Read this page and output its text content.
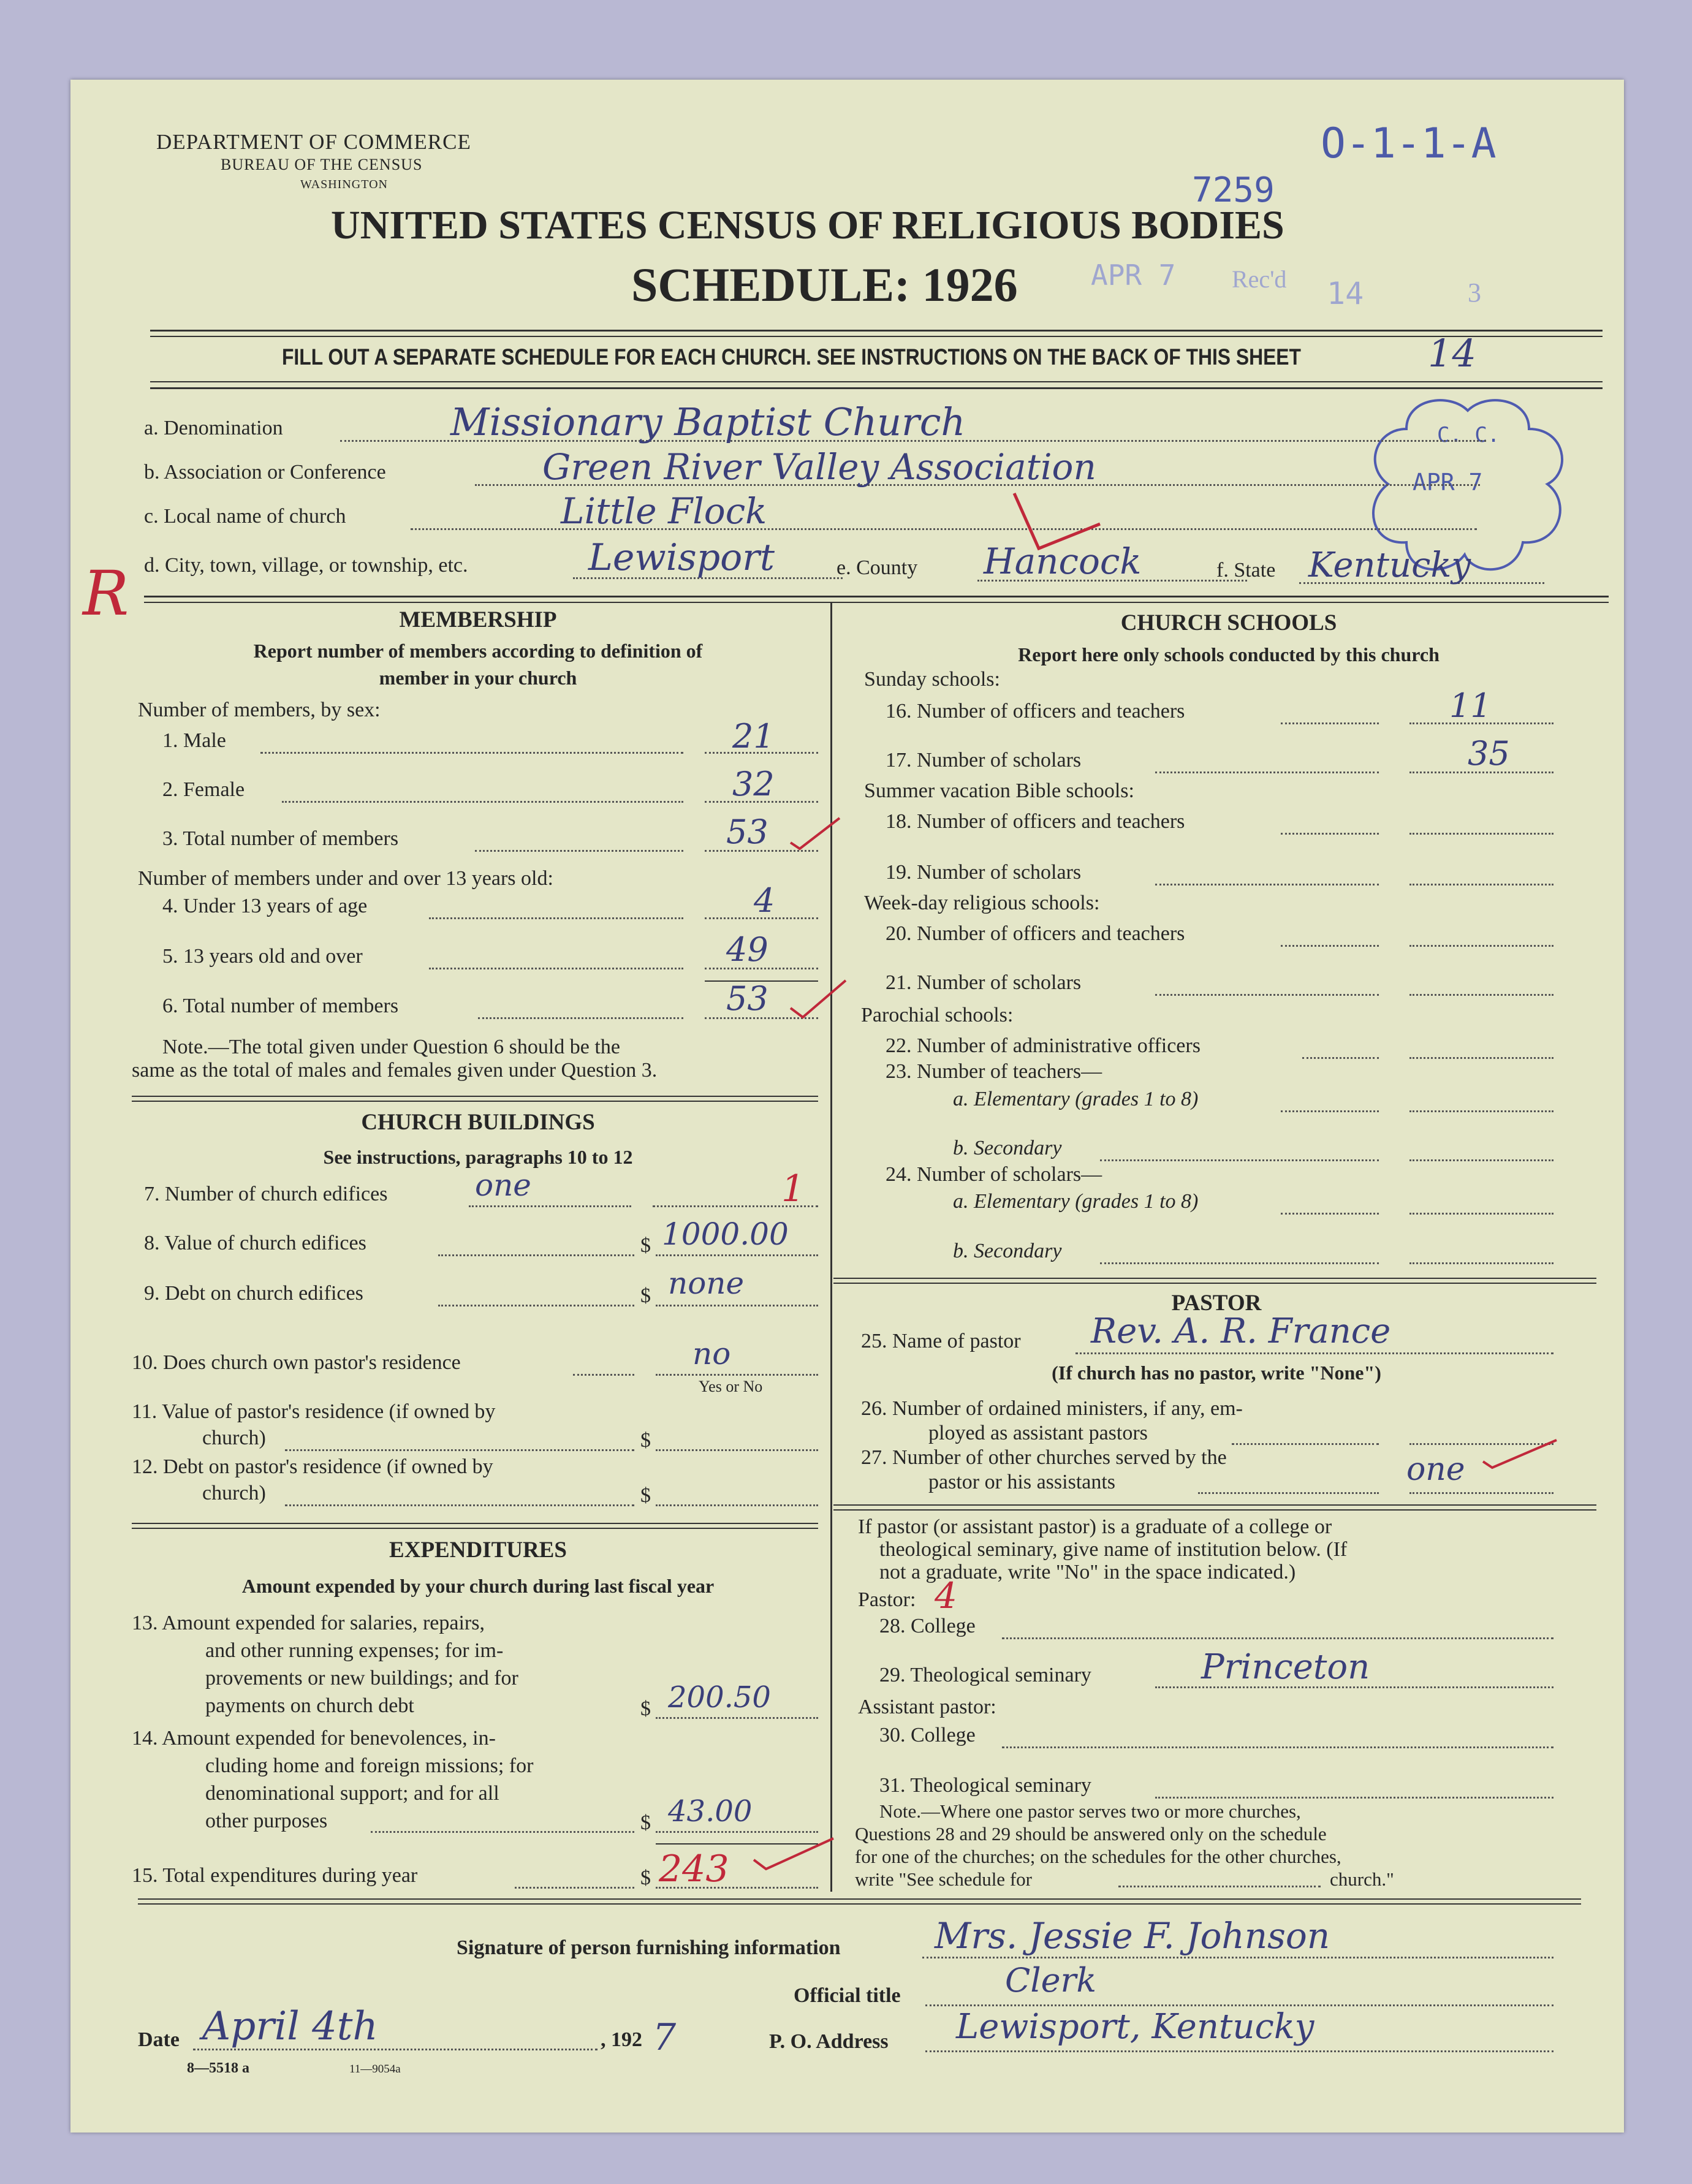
DEPARTMENT OF COMMERCE
BUREAU OF THE CENSUS
WASHINGTON
UNITED STATES CENSUS OF RELIGIOUS BODIES
SCHEDULE: 1926
O-1-1-A
7259
APR 7 Rec'd 14	3
FILL OUT A SEPARATE SCHEDULE FOR EACH CHURCH. SEE INSTRUCTIONS ON THE BACK OF THIS SHEET	14
C. C.
APR 7
R
a. Denomination	Missionary Baptist Church
b. Association or Conference	Green River Valley Association
c. Local name of church	Little Flock
d. City, town, village, or township, etc.	Lewisport	e. County Hancock	f. State Kentucky
MEMBERSHIP
Report number of members according to definition of
member in your church
Number of members, by sex:
1. Male	21
2. Female	32
3. Total number of members	53
Number of members under and over 13 years old:
4. Under 13 years of age	4
5. 13 years old and over	49
6. Total number of members	53
Note.—The total given under Question 6 should be the
same as the total of males and females given under Question 3.
CHURCH BUILDINGS
See instructions, paragraphs 10 to 12
7. Number of church edifices	one	1
8. Value of church edifices	$ 1000.00
9. Debt on church edifices	$ none
10. Does church own pastor's residence	no
Yes or No
11. Value of pastor's residence (if owned by
church)	$
12. Debt on pastor's residence (if owned by
church)	$
EXPENDITURES
Amount expended by your church during last fiscal year
13. Amount expended for salaries, repairs,
and other running expenses; for im-
provements or new buildings; and for
payments on church debt	$ 200.50
14. Amount expended for benevolences, in-
cluding home and foreign missions; for
denominational support; and for all
other purposes	$ 43.00
15. Total expenditures during year	$ 243
CHURCH SCHOOLS
Report here only schools conducted by this church
Sunday schools:
16. Number of officers and teachers	11
17. Number of scholars	35
Summer vacation Bible schools:
18. Number of officers and teachers
19. Number of scholars
Week-day religious schools:
20. Number of officers and teachers
21. Number of scholars
Parochial schools:
22. Number of administrative officers
23. Number of teachers—
a. Elementary (grades 1 to 8)
b. Secondary
24. Number of scholars—
a. Elementary (grades 1 to 8)
b. Secondary
PASTOR
25. Name of pastor Rev. A. R. France
(If church has no pastor, write "None")
26. Number of ordained ministers, if any, em-
ployed as assistant pastors
27. Number of other churches served by the
pastor or his assistants	one
If pastor (or assistant pastor) is a graduate of a college or
theological seminary, give name of institution below. (If
not a graduate, write "No" in the space indicated.)
Pastor: 4
28. College
29. Theological seminary	Princeton
Assistant pastor:
30. College
31. Theological seminary
Note.—Where one pastor serves two or more churches,
Questions 28 and 29 should be answered only on the schedule
for one of the churches; on the schedules for the other churches,
write "See schedule for	church."
Signature of person furnishing information	Mrs. Jessie F. Johnson
Official title	Clerk
Date April 4th	, 192 7	P. O. Address Lewisport, Kentucky
8—5518 a	11—9054a
